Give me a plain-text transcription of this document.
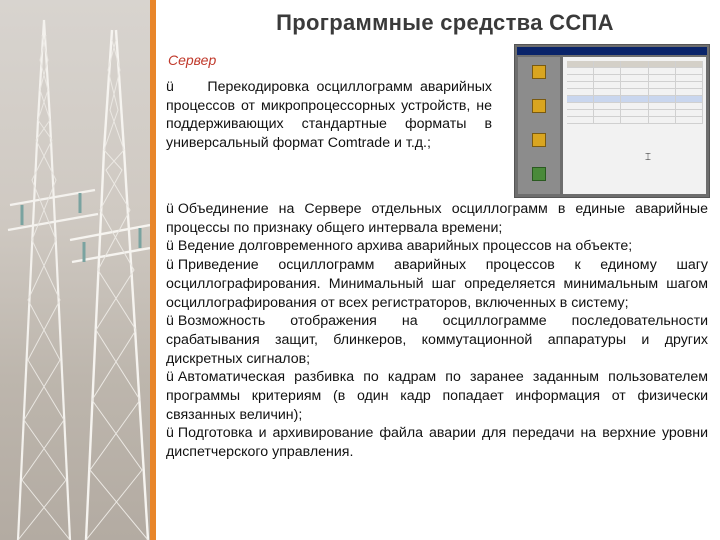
Программные средства ССПА
Сервер

ü Перекодировка осциллограмм аварийных процессов от микропроцессорных устройств, не поддерживающих стандартные форматы в универсальный формат Comtrade и т.д.;

⌶

ü Объединение на Сервере отдельных осциллограмм в единые аварийные процессы по признаку общего интервала времени;

ü Ведение долговременного архива аварийных процессов на объекте;

ü Приведение осциллограмм аварийных процессов к единому шагу осциллографирования. Минимальный шаг определяется минимальным шагом осциллографирования от всех регистраторов, включенных в систему;

ü Возможность отображения на осциллограмме последовательности срабатывания защит, блинкеров, коммутационной аппаратуры и других дискретных сигналов;

ü Автоматическая разбивка по кадрам по заранее заданным пользователем программы критериям (в один кадр попадает информация от физически связанных величин);

ü Подготовка и архивирование файла аварии для передачи на верхние уровни диспетчерского управления.
